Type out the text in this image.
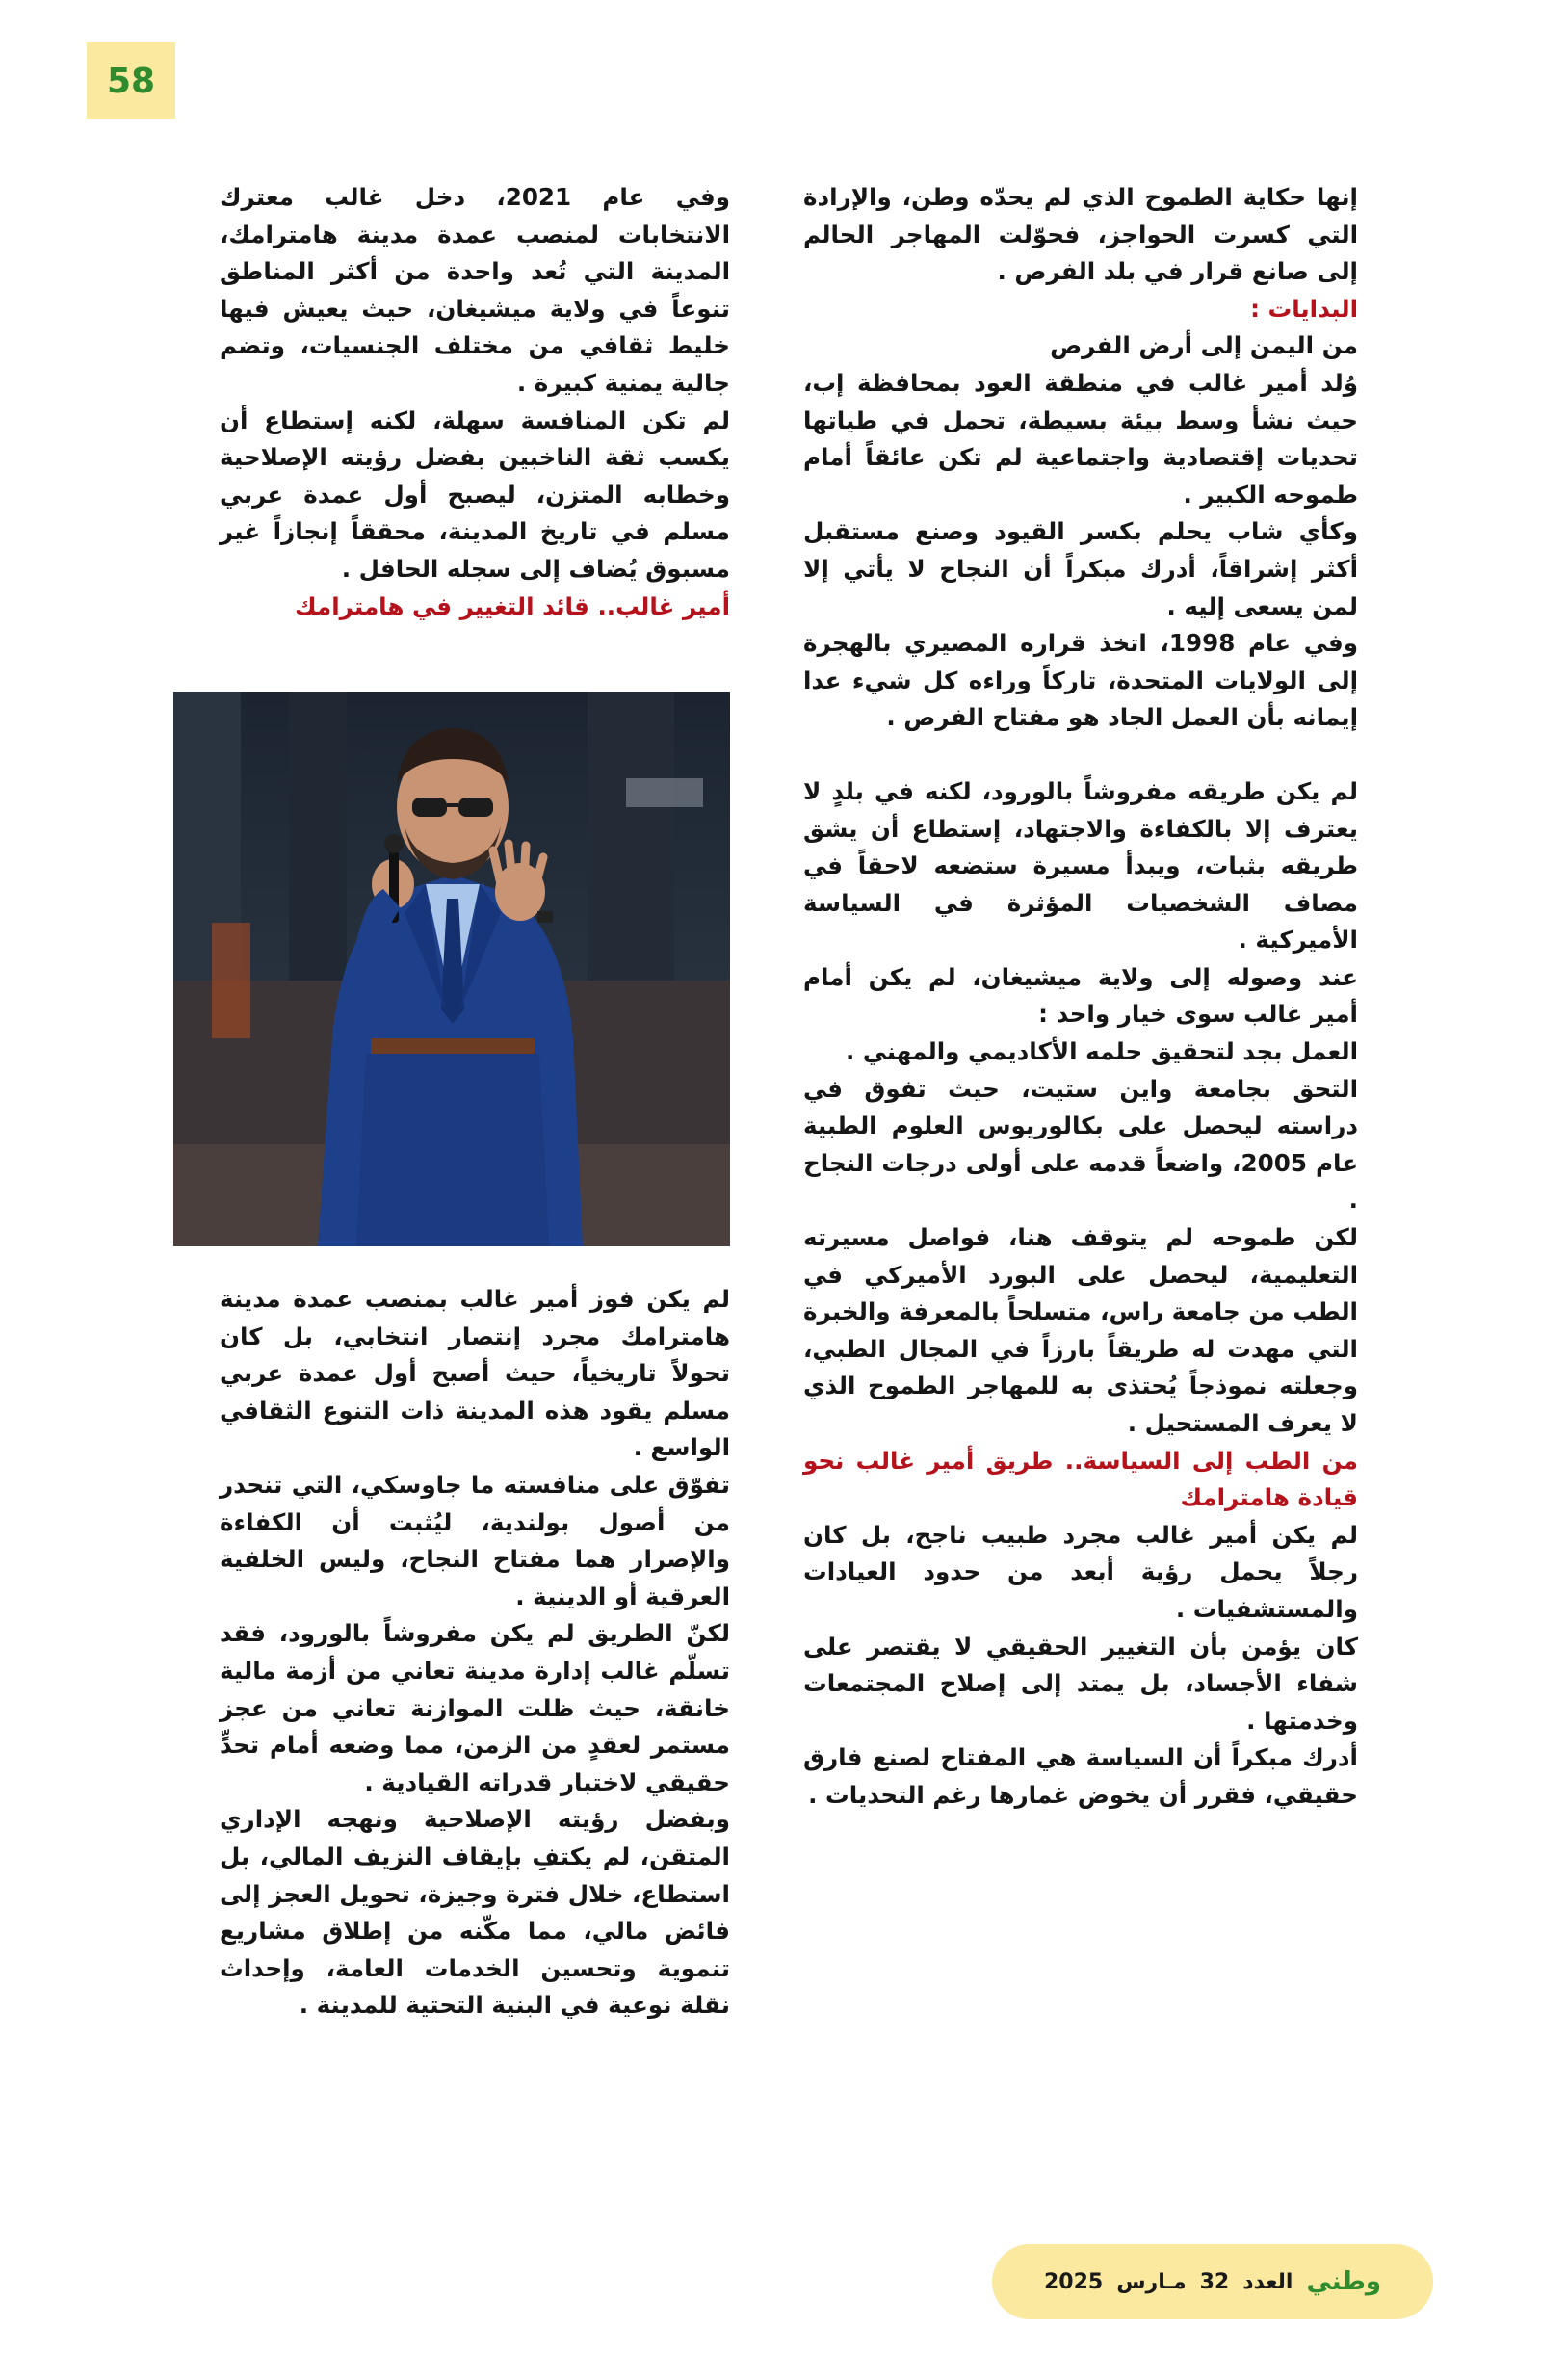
58

إنها حكاية الطموح الذي لم يحدّه وطن، والإرادة التي كسرت الحواجز، فحوّلت المهاجر الحالم إلى صانع قرار في بلد الفرص .

البدايات :

من اليمن إلى أرض الفرص

وُلد أمير غالب في منطقة العود بمحافظة إب، حيث نشأ وسط بيئة بسيطة، تحمل في طياتها تحديات إقتصادية واجتماعية لم تكن عائقاً أمام طموحه الكبير .

وكأي شاب يحلم بكسر القيود وصنع مستقبل أكثر إشراقاً، أدرك مبكراً أن النجاح لا يأتي إلا لمن يسعى إليه .

وفي عام 1998، اتخذ قراره المصيري بالهجرة إلى الولايات المتحدة، تاركاً وراءه كل شيء عدا إيمانه بأن العمل الجاد هو مفتاح الفرص .

لم يكن طريقه مفروشاً بالورود، لكنه في بلدٍ لا يعترف إلا بالكفاءة والاجتهاد، إستطاع أن يشق طريقه بثبات، ويبدأ مسيرة ستضعه لاحقاً في مصاف الشخصيات المؤثرة في السياسة الأميركية .

عند وصوله إلى ولاية ميشيغان، لم يكن أمام أمير غالب سوى خيار واحد :

العمل بجد لتحقيق حلمه الأكاديمي والمهني .

التحق بجامعة واين ستيت، حيث تفوق في دراسته ليحصل على بكالوريوس العلوم الطبية عام 2005، واضعاً قدمه على أولى درجات النجاح .

لكن طموحه لم يتوقف هنا، فواصل مسيرته التعليمية، ليحصل على البورد الأميركي في الطب من جامعة راس، متسلحاً بالمعرفة والخبرة التي مهدت له طريقاً بارزاً في المجال الطبي، وجعلته نموذجاً يُحتذى به للمهاجر الطموح الذي لا يعرف المستحيل .

من الطب إلى السياسة.. طريق أمير غالب نحو قيادة هامترامك

لم يكن أمير غالب مجرد طبيب ناجح، بل كان رجلاً يحمل رؤية أبعد من حدود العيادات والمستشفيات .

كان يؤمن بأن التغيير الحقيقي لا يقتصر على شفاء الأجساد، بل يمتد إلى إصلاح المجتمعات وخدمتها .

أدرك مبكراً أن السياسة هي المفتاح لصنع فارق حقيقي، فقرر أن يخوض غمارها رغم التحديات .

وفي عام 2021، دخل غالب معترك الانتخابات لمنصب عمدة مدينة هامترامك، المدينة التي تُعد واحدة من أكثر المناطق تنوعاً في ولاية ميشيغان، حيث يعيش فيها خليط ثقافي من مختلف الجنسيات، وتضم جالية يمنية كبيرة .

لم تكن المنافسة سهلة، لكنه إستطاع أن يكسب ثقة الناخبين بفضل رؤيته الإصلاحية وخطابه المتزن، ليصبح أول عمدة عربي مسلم في تاريخ المدينة، محققاً إنجازاً غير مسبوق يُضاف إلى سجله الحافل .

أمير غالب.. قائد التغيير في هامترامك

لم يكن فوز أمير غالب بمنصب عمدة مدينة هامترامك مجرد إنتصار انتخابي، بل كان تحولاً تاريخياً، حيث أصبح أول عمدة عربي مسلم يقود هذه المدينة ذات التنوع الثقافي الواسع .

تفوّق على منافسته ما جاوسكي، التي تنحدر من أصول بولندية، ليُثبت أن الكفاءة والإصرار هما مفتاح النجاح، وليس الخلفية العرقية أو الدينية .

لكنّ الطريق لم يكن مفروشاً بالورود، فقد تسلّم غالب إدارة مدينة تعاني من أزمة مالية خانقة، حيث ظلت الموازنة تعاني من عجز مستمر لعقدٍ من الزمن، مما وضعه أمام تحدٍّ حقيقي لاختبار قدراته القيادية .

وبفضل رؤيته الإصلاحية ونهجه الإداري المتقن، لم يكتفِ بإيقاف النزيف المالي، بل استطاع، خلال فترة وجيزة، تحويل العجز إلى فائض مالي، مما مكّنه من إطلاق مشاريع تنموية وتحسين الخدمات العامة، وإحداث نقلة نوعية في البنية التحتية للمدينة .

وطني
العدد
32
مـارس
2025
